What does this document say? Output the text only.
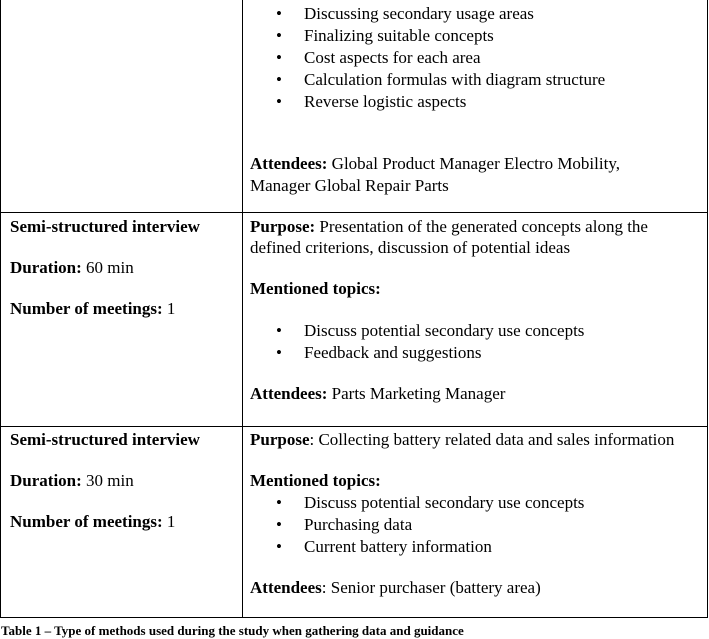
• Discussing secondary usage areas
• Finalizing suitable concepts
• Cost aspects for each area
• Calculation formulas with diagram structure
• Reverse logistic aspects
Attendees: Global Product Manager Electro Mobility,
Manager Global Repair Parts
Semi-structured interview
Duration: 60 min
Number of meetings: 1
Purpose: Presentation of the generated concepts along the
defined criterions, discussion of potential ideas
Mentioned topics:
• Discuss potential secondary use concepts
• Feedback and suggestions
Attendees: Parts Marketing Manager
Semi-structured interview
Duration: 30 min
Number of meetings: 1
Purpose: Collecting battery related data and sales information
Mentioned topics:
• Discuss potential secondary use concepts
• Purchasing data
• Current battery information
Attendees: Senior purchaser (battery area)
Table 1 – Type of methods used during the study when gathering data and guidance
